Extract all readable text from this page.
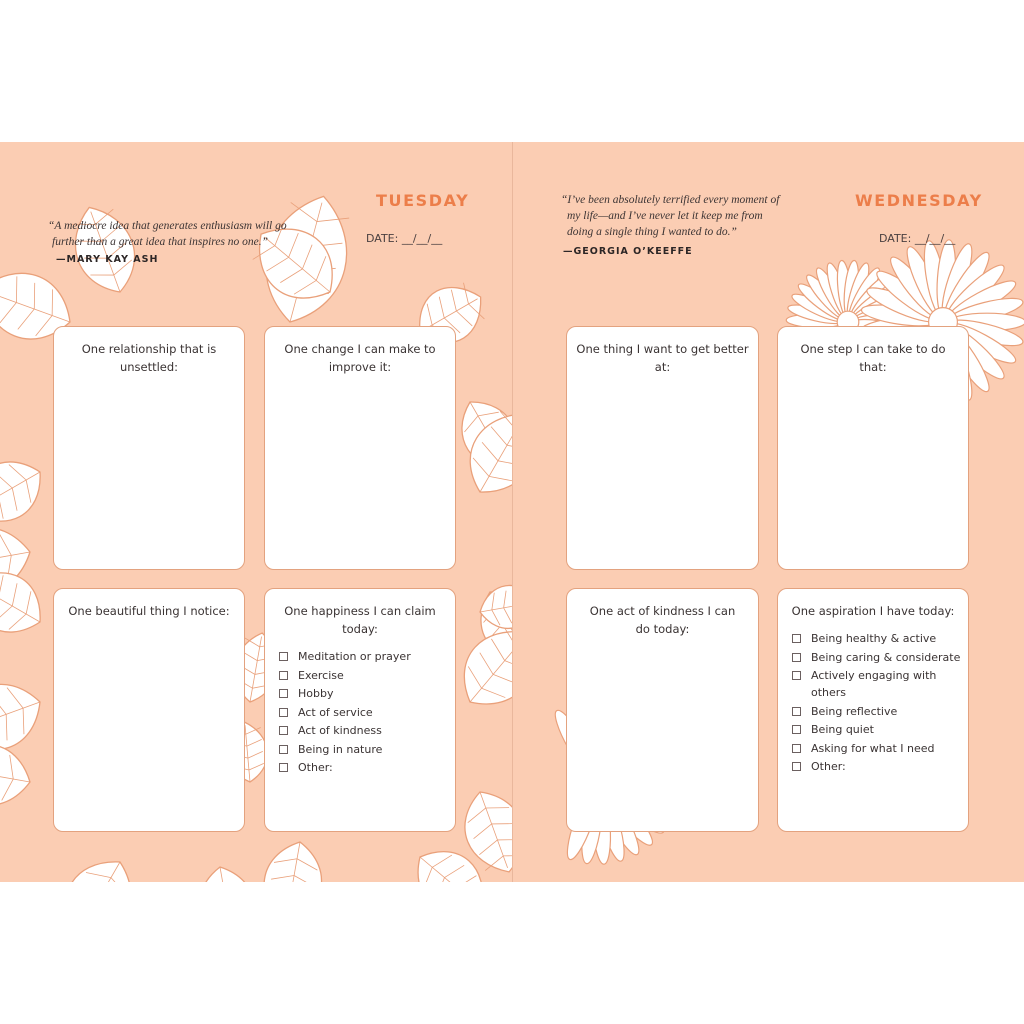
“A mediocre idea that generates enthusiasm will go
further than a great idea that inspires no one.”
—MARY KAY ASH
TUESDAY
DATE: __/__/__
One relationship that is unsettled:
One change I can make to improve it:
One beautiful thing I notice:	One happiness I can claim today:
Meditation or prayer
Exercise
Hobby
Act of service
Act of kindness
Being in nature
Other:
“I’ve been absolutely terrified every moment of
my life—and I’ve never let it keep me from
doing a single thing I wanted to do.”
—GEORGIA O’KEEFFE
WEDNESDAY
DATE: __/__/__
One thing I want to get better at:
One step I can take to do that:
One act of kindness I can do today:
One aspiration I have today:
Being healthy & active
Being caring & considerate
Actively engaging with others
Being reflective
Being quiet
Asking for what I need
Other:
